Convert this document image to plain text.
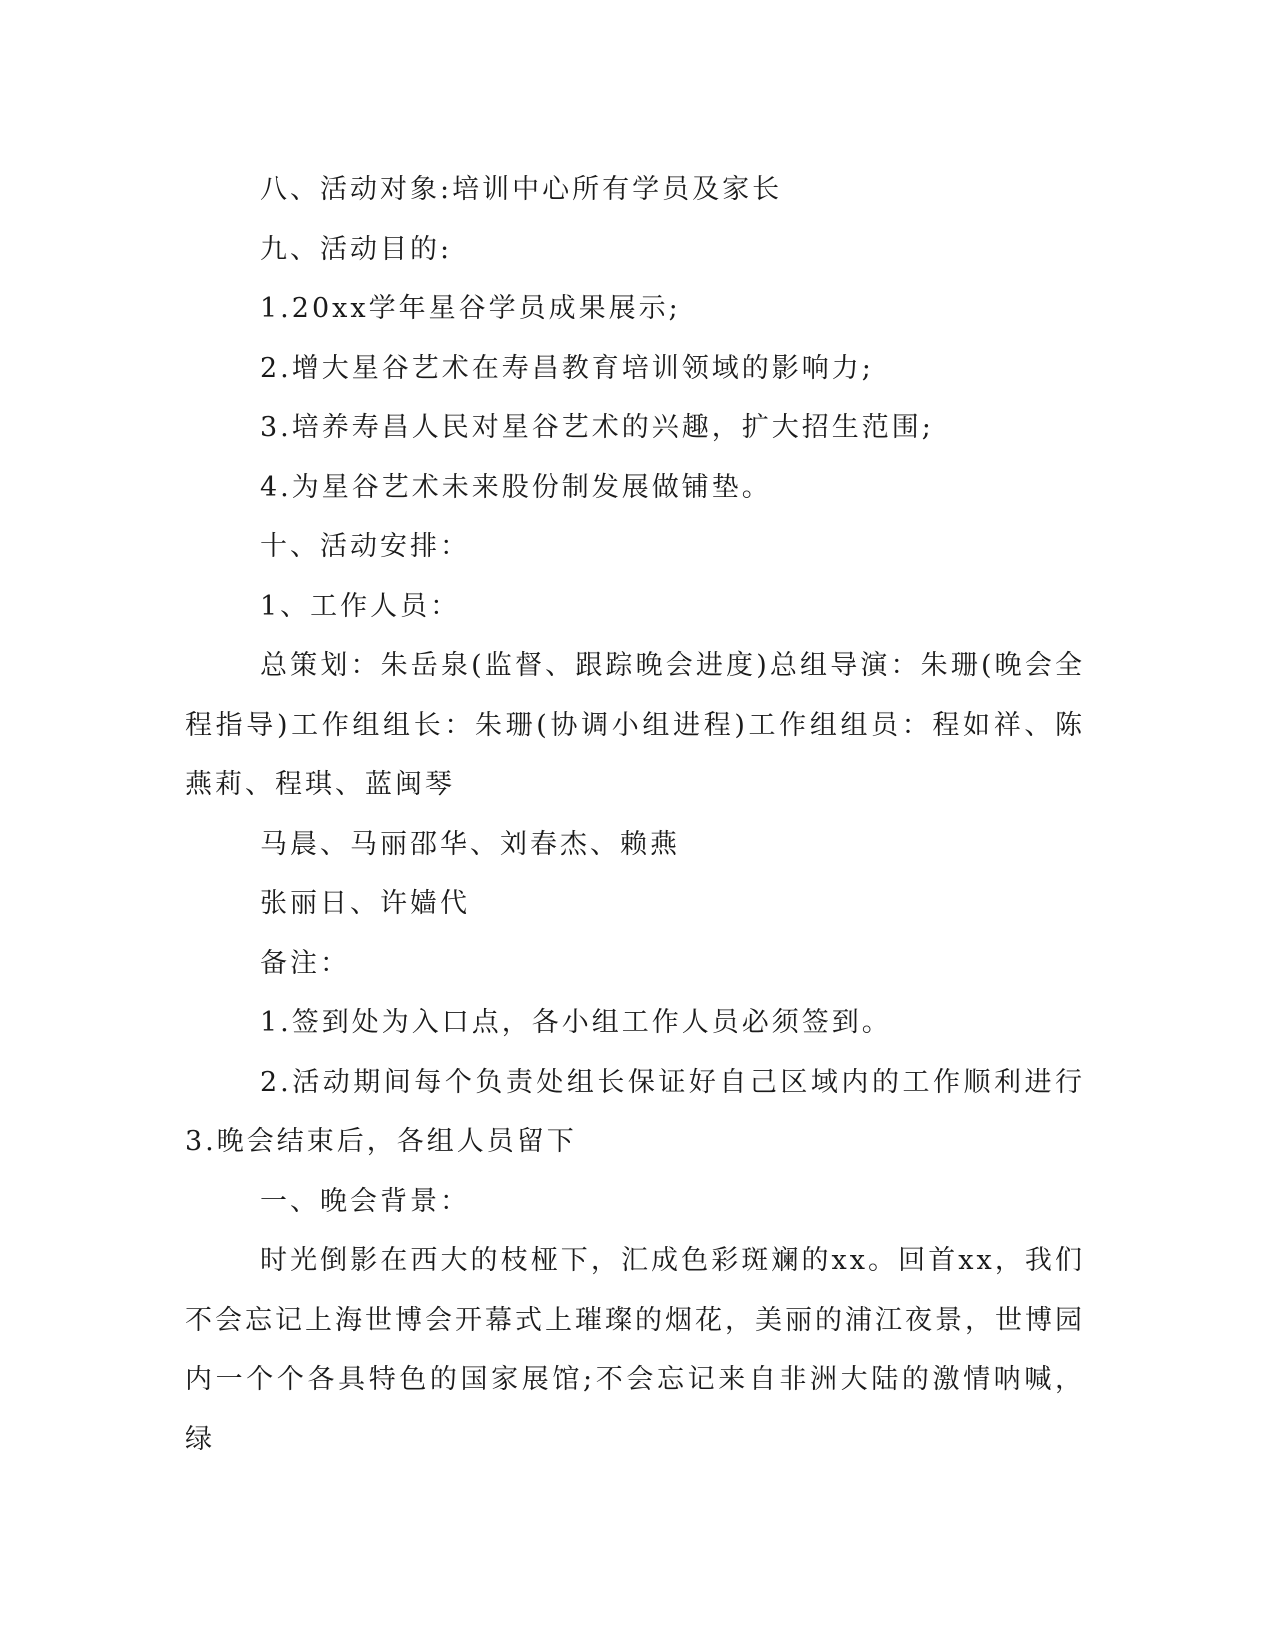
八、活动对象:培训中心所有学员及家长

九、活动目的:

1.20xx学年星谷学员成果展示;

2.增大星谷艺术在寿昌教育培训领域的影响力;

3.培养寿昌人民对星谷艺术的兴趣，扩大招生范围;

4.为星谷艺术未来股份制发展做铺垫。

十、活动安排：

1、工作人员：

总策划：朱岳泉(监督、跟踪晚会进度)总组导演：朱珊(晚会全程指导)工作组组长：朱珊(协调小组进程)工作组组员：程如祥、陈燕莉、程琪、蓝闽琴

马晨、马丽邵华、刘春杰、赖燕

张丽日、许嫱代

备注：

1.签到处为入口点，各小组工作人员必须签到。

2.活动期间每个负责处组长保证好自己区域内的工作顺利进行3.晚会结束后，各组人员留下

一、晚会背景：

时光倒影在西大的枝桠下，汇成色彩斑斓的xx。回首xx，我们不会忘记上海世博会开幕式上璀璨的烟花，美丽的浦江夜景，世博园内一个个各具特色的国家展馆;不会忘记来自非洲大陆的激情呐喊，绿
